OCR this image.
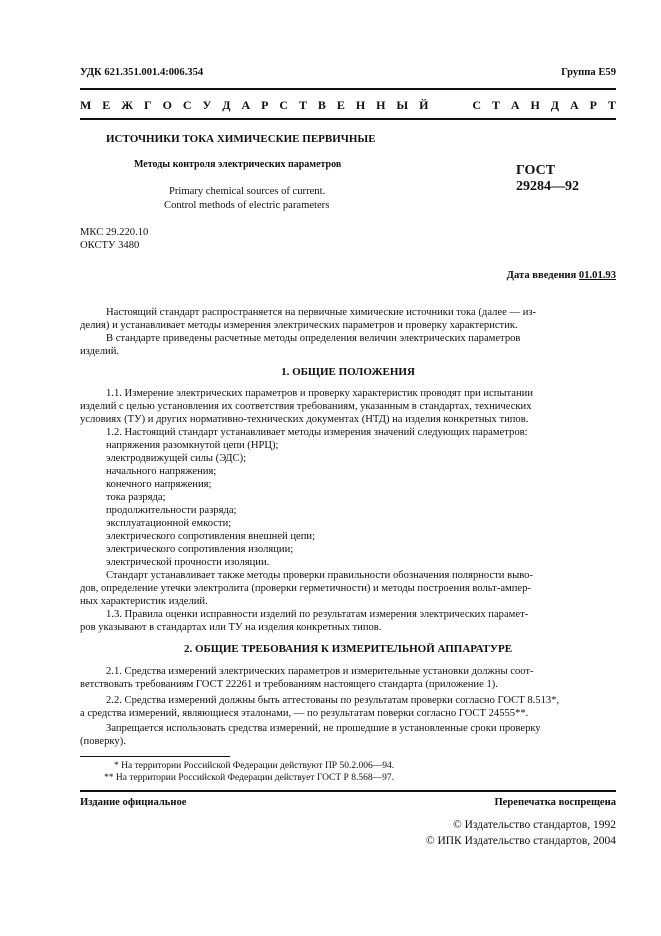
УДК 621.351.001.4:006.354	Группа Е59
М Е Ж Г О С У Д А Р С Т В Е Н Н Ы Й	С Т А Н Д А Р Т
ИСТОЧНИКИ ТОКА ХИМИЧЕСКИЕ ПЕРВИЧНЫЕ
Методы контроля электрических параметров
Primary chemical sources of current.
Control methods of electric parameters
ГОСТ
29284—92
МКС 29.220.10
ОКСТУ 3480
Дата введения 01.01.93
Настоящий стандарт распространяется на первичные химические источники тока (далее — из-
делия) и устанавливает методы измерения электрических параметров и проверку характеристик.
В стандарте приведены расчетные методы определения величин электрических параметров
изделий.
1. ОБЩИЕ ПОЛОЖЕНИЯ
1.1. Измерение электрических параметров и проверку характеристик проводят при испытании
изделий с целью установления их соответствия требованиям, указанным в стандартах, технических
условиях (ТУ) и других нормативно-технических документах (НТД) на изделия конкретных типов.
1.2. Настоящий стандарт устанавливает методы измерения значений следующих параметров:
напряжения разомкнутой цепи (НРЦ);
электродвижущей силы (ЭДС);
начального напряжения;
конечного напряжения;
тока разряда;
продолжительности разряда;
эксплуатационной емкости;
электрического сопротивления внешней цепи;
электрического сопротивления изоляции;
электрической прочности изоляции.
Стандарт устанавливает также методы проверки правильности обозначения полярности выво-
дов, определение утечки электролита (проверки герметичности) и методы построения вольт-ампер-
ных характеристик изделий.
1.3. Правила оценки исправности изделий по результатам измерения электрических парамет-
ров указывают в стандартах или ТУ на изделия конкретных типов.
2. ОБЩИЕ ТРЕБОВАНИЯ К ИЗМЕРИТЕЛЬНОЙ АППАРАТУРЕ
2.1. Средства измерений электрических параметров и измерительные установки должны соот-
ветствовать требованиям ГОСТ 22261 и требованиям настоящего стандарта (приложение 1).
2.2. Средства измерений должны быть аттестованы по результатам проверки согласно ГОСТ 8.513*,
а средства измерений, являющиеся эталонами, — по результатам поверки согласно ГОСТ 24555**.
Запрещается использовать средства измерений, не прошедшие в установленные сроки проверку
(поверку).
* На территории Российской Федерации действуют ПР 50.2.006—94.
** На территории Российской Федерации действует ГОСТ Р 8.568—97.
Издание официальное	Перепечатка воспрещена
© Издательство стандартов, 1992
© ИПК Издательство стандартов, 2004
